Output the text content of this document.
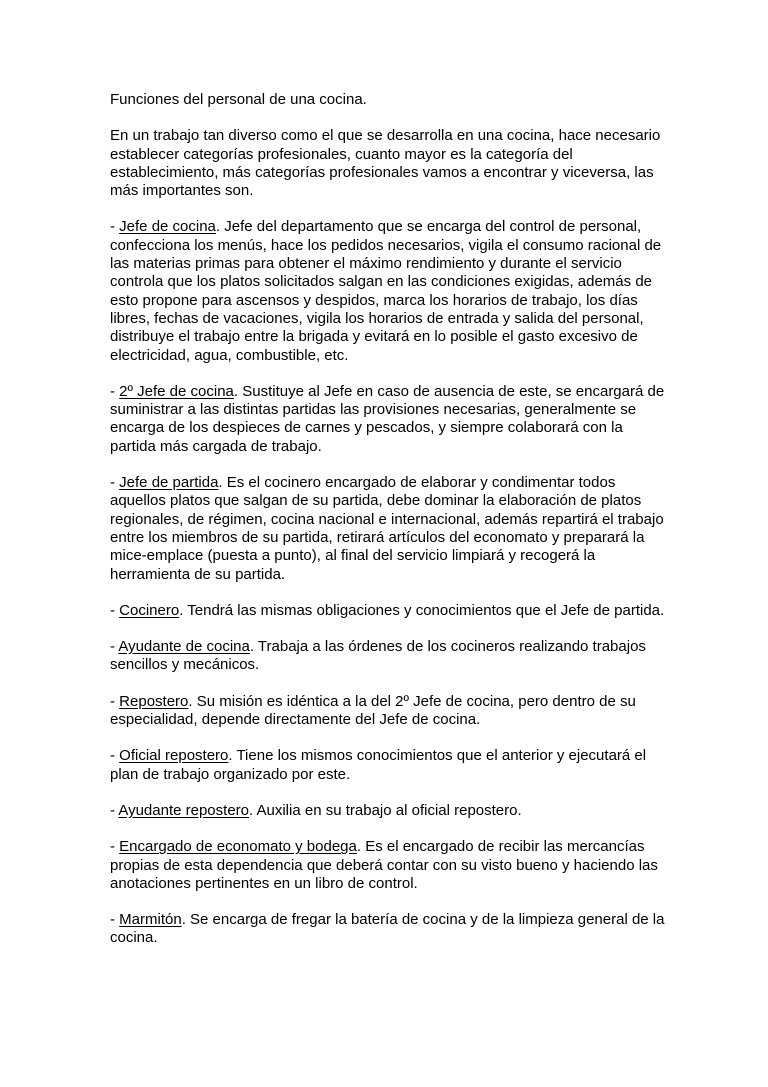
Funciones del personal de una cocina.

En un trabajo tan diverso como el que se desarrolla en una cocina, hace necesario establecer categorías profesionales, cuanto mayor es la categoría del establecimiento, más categorías profesionales vamos a encontrar y viceversa, las más importantes son.

- Jefe de cocina. Jefe del departamento que se encarga del control de personal, confecciona los menús, hace los pedidos necesarios, vigila el consumo racional de las materias primas para obtener el máximo rendimiento y durante el servicio controla que los platos solicitados salgan en las condiciones exigidas, además de esto propone para ascensos y despidos, marca los horarios de trabajo, los días libres, fechas de vacaciones, vigila los horarios de entrada y salida del personal, distribuye el trabajo entre la brigada y evitará en lo posible el gasto excesivo de electricidad, agua, combustible, etc.

- 2º Jefe de cocina. Sustituye al Jefe en caso de ausencia de este, se encargará de suministrar a las distintas partidas las provisiones necesarias, generalmente se encarga de los despieces de carnes y pescados, y siempre colaborará con la partida más cargada de trabajo.

- Jefe de partida. Es el cocinero encargado de elaborar y condimentar todos aquellos platos que salgan de su partida, debe dominar la elaboración de platos regionales, de régimen, cocina nacional e internacional, además repartirá el trabajo entre los miembros de su partida, retirará artículos del economato y preparará la mice-emplace (puesta a punto), al final del servicio limpiará y recogerá la herramienta de su partida.

- Cocinero. Tendrá las mismas obligaciones y conocimientos que el Jefe de partida.

- Ayudante de cocina. Trabaja a las órdenes de los cocineros realizando trabajos sencillos y mecánicos.

- Repostero. Su misión es idéntica a la del 2º Jefe de cocina, pero dentro de su especialidad, depende directamente del Jefe de cocina.

- Oficial repostero. Tiene los mismos conocimientos que el anterior y ejecutará el plan de trabajo organizado por este.

- Ayudante repostero. Auxilia en su trabajo al oficial repostero.

- Encargado de economato y bodega. Es el encargado de recibir las mercancías propias de esta dependencia que deberá contar con su visto bueno y haciendo las anotaciones pertinentes en un libro de control.

- Marmitón. Se encarga de fregar la batería de cocina y de la limpieza general de la cocina.
